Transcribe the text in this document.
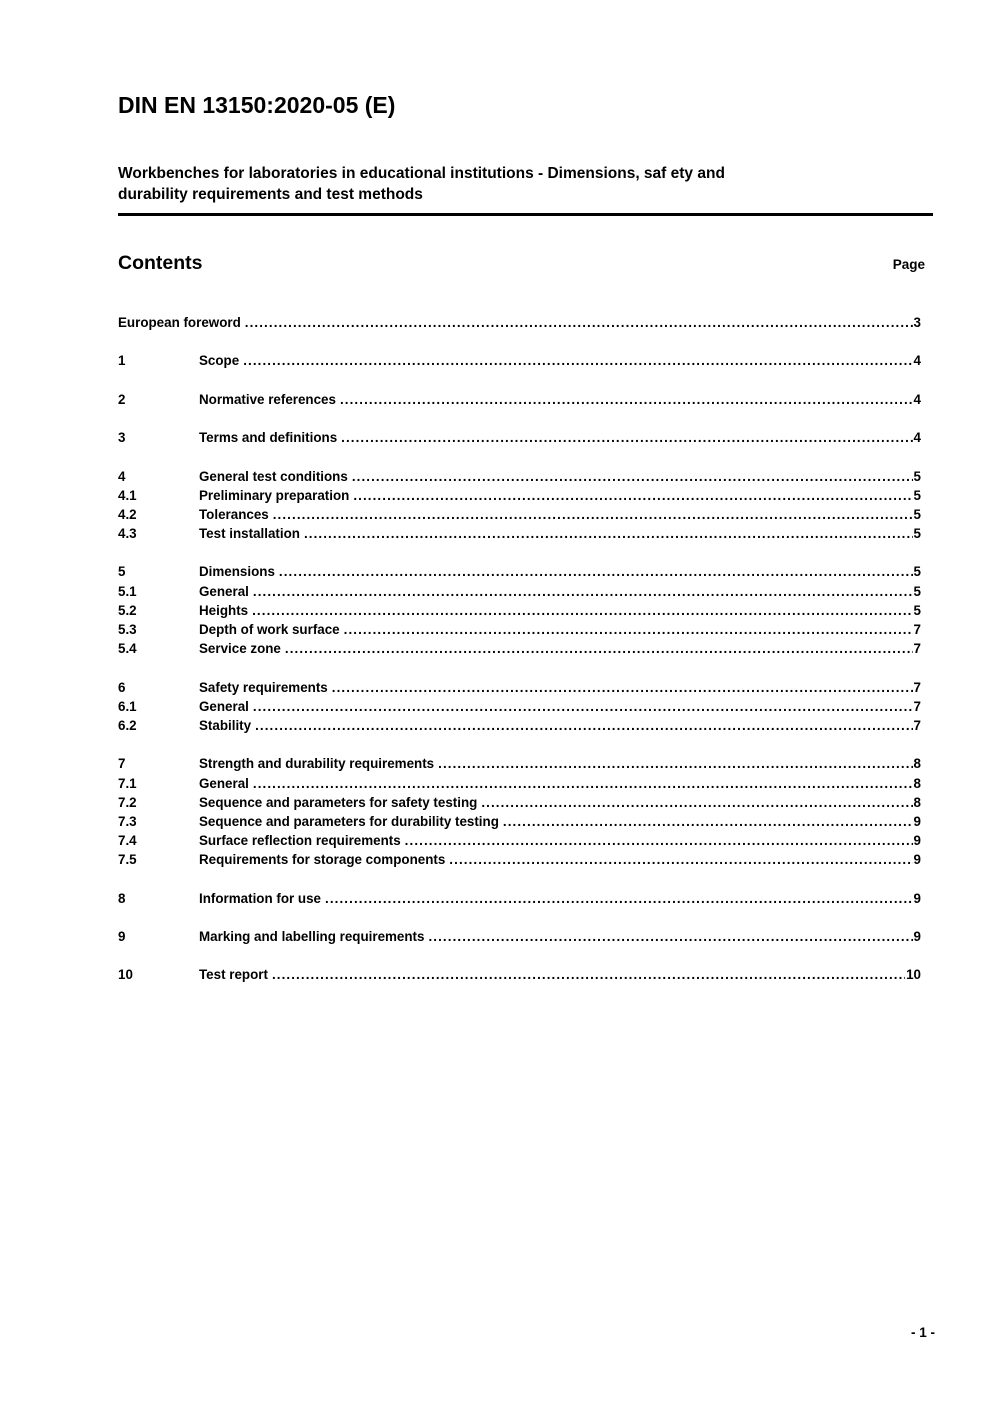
DIN EN 13150:2020-05 (E)
Workbenches for laboratories in educational institutions - Dimensions, saf ety and
durability requirements and test methods
Contents	Page
European foreword .....	3
1	Scope .....	4
2	Normative references .....	4
3	Terms and definitions .....	4
4	General test conditions .....	5
4.1	Preliminary preparation .....	5
4.2	Tolerances .....	5
4.3	Test installation .....	5
5	Dimensions .....	5
5.1	General .....	5
5.2	Heights .....	5
5.3	Depth of work surface .....	7
5.4	Service zone .....	7
6	Safety requirements .....	7
6.1	General .....	7
6.2	Stability .....	7
7	Strength and durability requirements .....	8
7.1	General .....	8
7.2	Sequence and parameters for safety testing .....	8
7.3	Sequence and parameters for durability testing .....	9
7.4	Surface reflection requirements .....	9
7.5	Requirements for storage components .....	9
8	Information for use .....	9
9	Marking and labelling requirements .....	9
10	Test report .....	10
- 1 -
